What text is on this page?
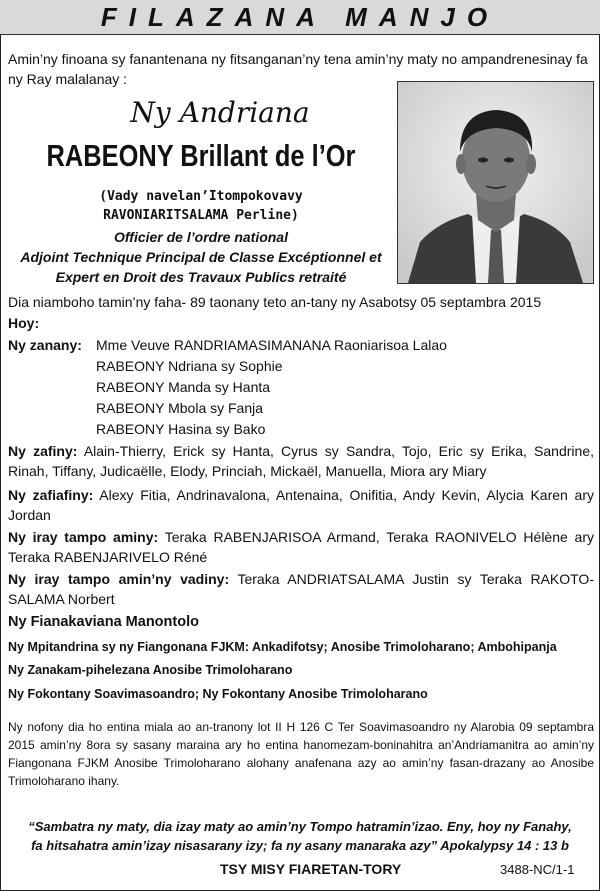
FILAZANA MANJO
Amin’ny finoana sy fanantenana ny fitsanganan’ny tena amin’ny maty no ampandrenesinay fa ny Ray malalanay :
Ny Andriana
RABEONY Brillant de l’Or
(Vady navelan’Itompokovavy
RAVONIARITSALAMA Perline)
Officier de l’ordre national
Adjoint Technique Principal de Classe Excéptionnel et
Expert en Droit des Travaux Publics retraité
Dia niamboho tamin’ny faha- 89 taonany teto an-tany ny Asabotsy 05 septambra 2015
Hoy:
Ny zanany:	Mme Veuve RANDRIAMASIMANANA Raoniarisoa Lalao
RABEONY Ndriana sy Sophie
RABEONY Manda sy Hanta
RABEONY Mbola sy Fanja
RABEONY Hasina sy Bako
Ny zafiny: Alain-Thierry, Erick sy Hanta, Cyrus sy Sandra, Tojo, Eric sy Erika, Sandrine, Rinah, Tiffany, Judicaëlle, Elody, Princiah, Mickaël, Manuella, Miora ary Miary
Ny zafiafiny: Alexy Fitia, Andrinavalona, Antenaina, Onifitia, Andy Kevin, Alycia Karen ary Jordan
Ny iray tampo aminy: Teraka RABENJARISOA Armand, Teraka RAONIVELO Hélène ary Teraka RABENJARIVELO Réné
Ny iray tampo amin’ny vadiny: Teraka ANDRIATSALAMA Justin sy Teraka RAKOTO-SALAMA Norbert
Ny Fianakaviana Manontolo
Ny Mpitandrina sy ny Fiangonana FJKM: Ankadifotsy; Anosibe Trimoloharano; Ambohipanja
Ny Zanakam-pihelezana Anosibe Trimoloharano
Ny Fokontany Soavimasoandro; Ny Fokontany Anosibe Trimoloharano
Ny nofony dia ho entina miala ao an-tranony lot II H 126 C Ter Soavimasoandro ny Alarobia 09 septambra 2015 amin’ny 8ora sy sasany maraina ary ho entina hanomezam-boninahitra an’Andriamanitra ao amin’ny Fiangonana FJKM Anosibe Trimoloharano alohany anafenana azy ao amin’ny fasan-drazany ao Anosibe Trimoloharano ihany.
“Sambatra ny maty, dia izay maty ao amin’ny Tompo hatramin’izao. Eny, hoy ny Fanahy,
fa hitsahatra amin’izay nisasarany izy; fa ny asany manaraka azy” Apokalypsy 14 : 13 b
TSY MISY FIARETAN-TORY	3488-NC/1-1
